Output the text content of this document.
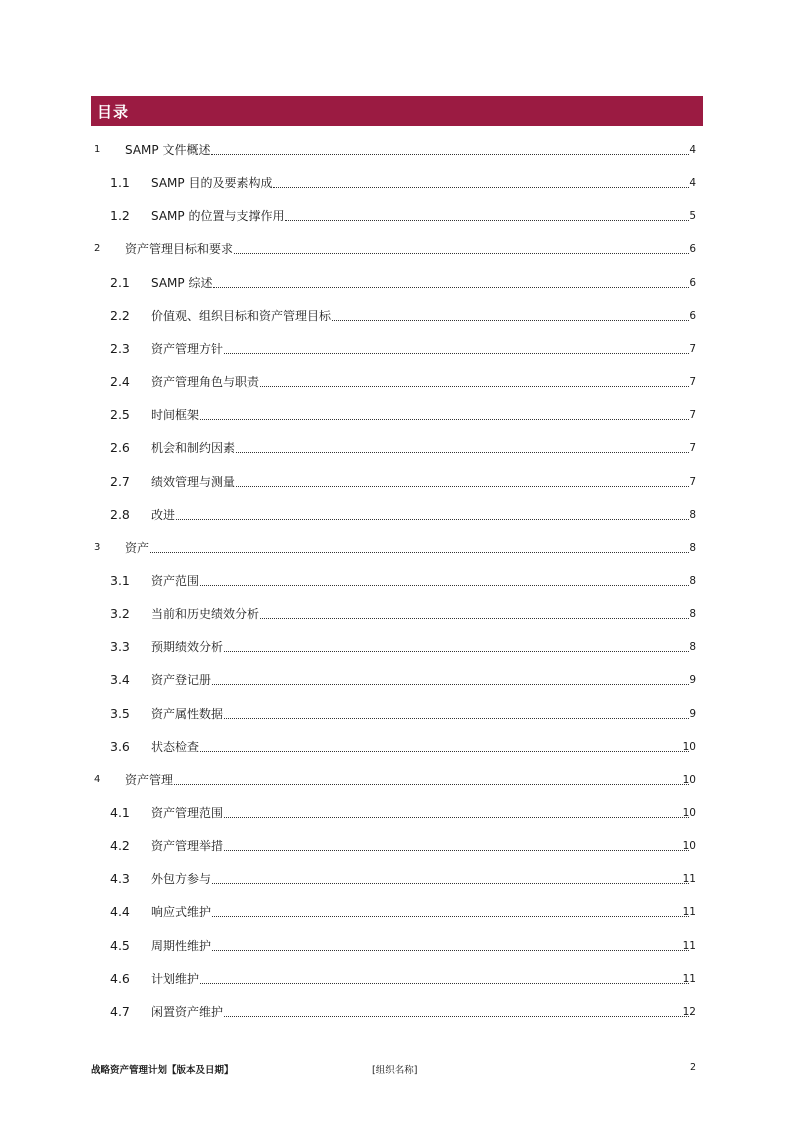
目录
1 SAMP 文件概述	4
1.1 SAMP 目的及要素构成	4
1.2 SAMP 的位置与支撑作用	5
2 资产管理目标和要求	6
2.1 SAMP 综述	6
2.2 价值观、组织目标和资产管理目标	6
2.3 资产管理方针	7
2.4 资产管理角色与职责	7
2.5 时间框架	7
2.6 机会和制约因素	7
2.7 绩效管理与测量	7
2.8 改进	8
3 资产	8
3.1 资产范围	8
3.2 当前和历史绩效分析	8
3.3 预期绩效分析	8
3.4 资产登记册	9
3.5 资产属性数据	9
3.6 状态检查	10
4 资产管理	10
4.1 资产管理范围	10
4.2 资产管理举措	10
4.3 外包方参与	11
4.4 响应式维护	11
4.5 周期性维护	11
4.6 计划维护	11
4.7 闲置资产维护	12
战略资产管理计划【版本及日期】	[组织名称]	2
